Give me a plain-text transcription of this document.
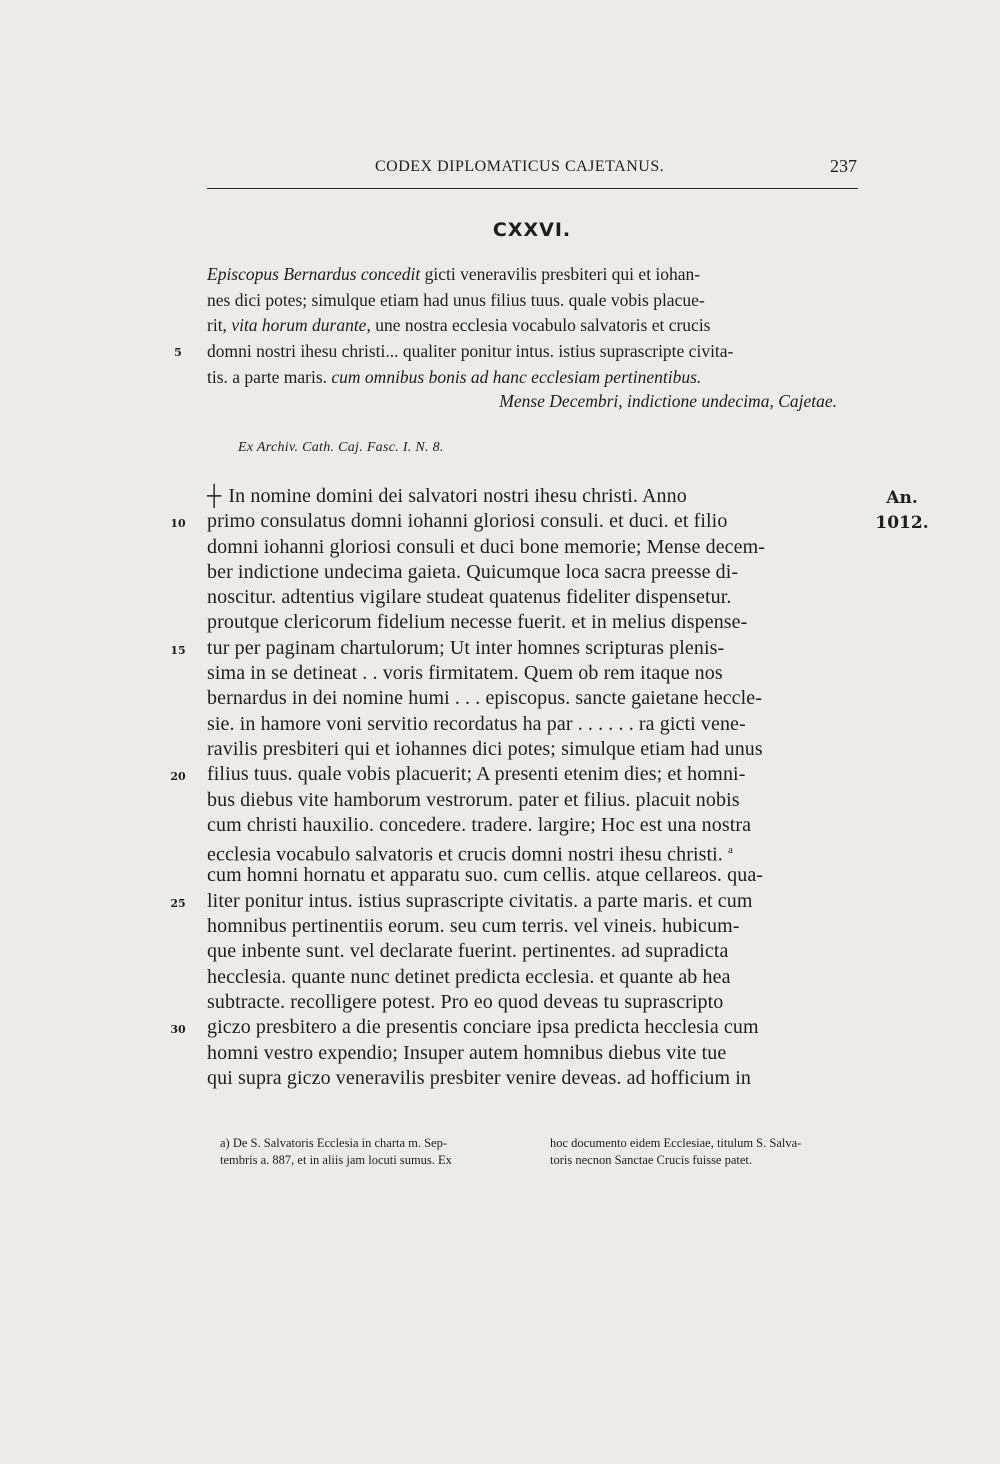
CODEX DIPLOMATICUS CAJETANUS.	237
CXXVI.
Episcopus Bernardus concedit gicti veneravilis presbiteri qui et iohan-
nes dici potes; simulque etiam had unus filius tuus. quale vobis placue-
rit, vita horum durante, une nostra ecclesia vocabulo salvatoris et crucis
domni nostri ihesu christi... qualiter ponitur intus. istius suprascripte civita-
tis. a parte maris. cum omnibus bonis ad hanc ecclesiam pertinentibus.
Mense Decembri, indictione undecima, Cajetae.
Ex Archiv. Cath. Caj. Fasc. I. N. 8.
An.
1012.
┼ In nomine domini dei salvatori nostri ihesu christi. Anno
primo consulatus domni iohanni gloriosi consuli. et duci. et filio
domni iohanni gloriosi consuli et duci bone memorie; Mense decem-
ber indictione undecima gaieta. Quicumque loca sacra preesse di-
noscitur. adtentius vigilare studeat quatenus fideliter dispensetur.
proutque clericorum fidelium necesse fuerit. et in melius dispense-
tur per paginam chartulorum; Ut inter homnes scripturas plenis-
sima in se detineat . . voris firmitatem. Quem ob rem itaque nos
bernardus in dei nomine humi . . . episcopus. sancte gaietane heccle-
sie. in hamore voni servitio recordatus ha par . . . . . . ra gicti vene-
ravilis presbiteri qui et iohannes dici potes; simulque etiam had unus
filius tuus. quale vobis placuerit; A presenti etenim dies; et homni-
bus diebus vite hamborum vestrorum. pater et filius. placuit nobis
cum christi hauxilio. concedere. tradere. largire; Hoc est una nostra
ecclesia vocabulo salvatoris et crucis domni nostri ihesu christi. $^a$
cum homni hornatu et apparatu suo. cum cellis. atque cellareos. qua-
liter ponitur intus. istius suprascripte civitatis. a parte maris. et cum
homnibus pertinentiis eorum. seu cum terris. vel vineis. hubicum-
que inbente sunt. vel declarate fuerint. pertinentes. ad supradicta
hecclesia. quante nunc detinet predicta ecclesia. et quante ab hea
subtracte. recolligere potest. Pro eo quod deveas tu suprascripto
giczo presbitero a die presentis conciare ipsa predicta hecclesia cum
homni vestro expendio; Insuper autem homnibus diebus vite tue
qui supra giczo veneravilis presbiter venire deveas. ad hofficium in
5
10
15
20
25
30
a) De S. Salvatoris Ecclesia in charta m. Sep-
tembris a. 887, et in aliis jam locuti sumus. Ex
hoc documento eidem Ecclesiae, titulum S. Salva-
toris necnon Sanctae Crucis fuisse patet.
